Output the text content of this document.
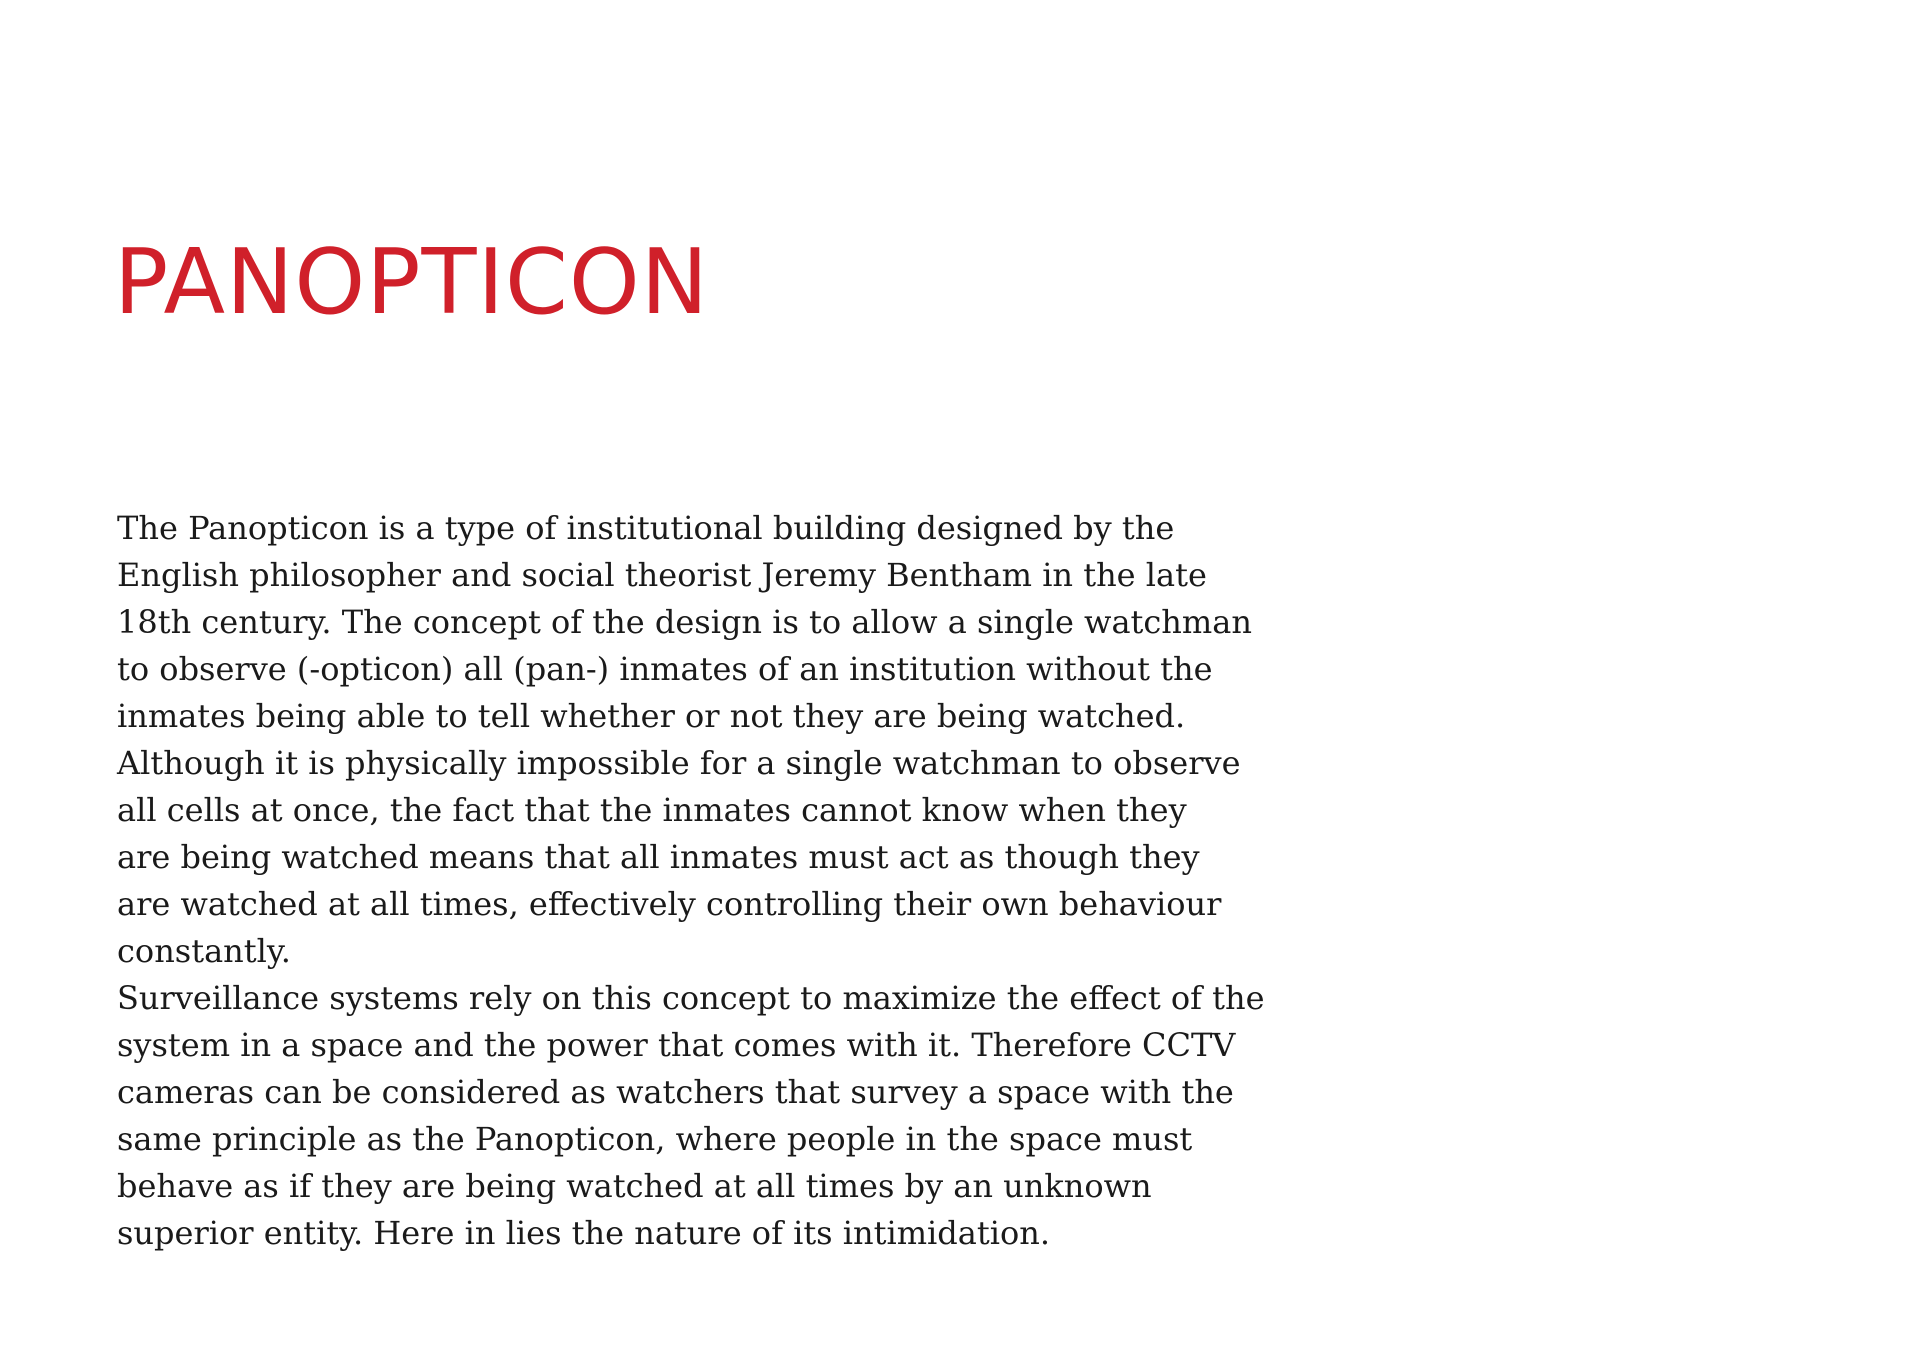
PANOPTICON
The Panopticon is a type of institutional building designed by the
English philosopher and social theorist Jeremy Bentham in the late
18th century. The concept of the design is to allow a single watchman
to observe (-opticon) all (pan-) inmates of an institution without the
inmates being able to tell whether or not they are being watched.
Although it is physically impossible for a single watchman to observe
all cells at once, the fact that the inmates cannot know when they
are being watched means that all inmates must act as though they
are watched at all times, effectively controlling their own behaviour
constantly.
Surveillance systems rely on this concept to maximize the effect of the
system in a space and the power that comes with it. Therefore CCTV
cameras can be considered as watchers that survey a space with the
same principle as the Panopticon, where people in the space must
behave as if they are being watched at all times by an unknown
superior entity. Here in lies the nature of its intimidation.
